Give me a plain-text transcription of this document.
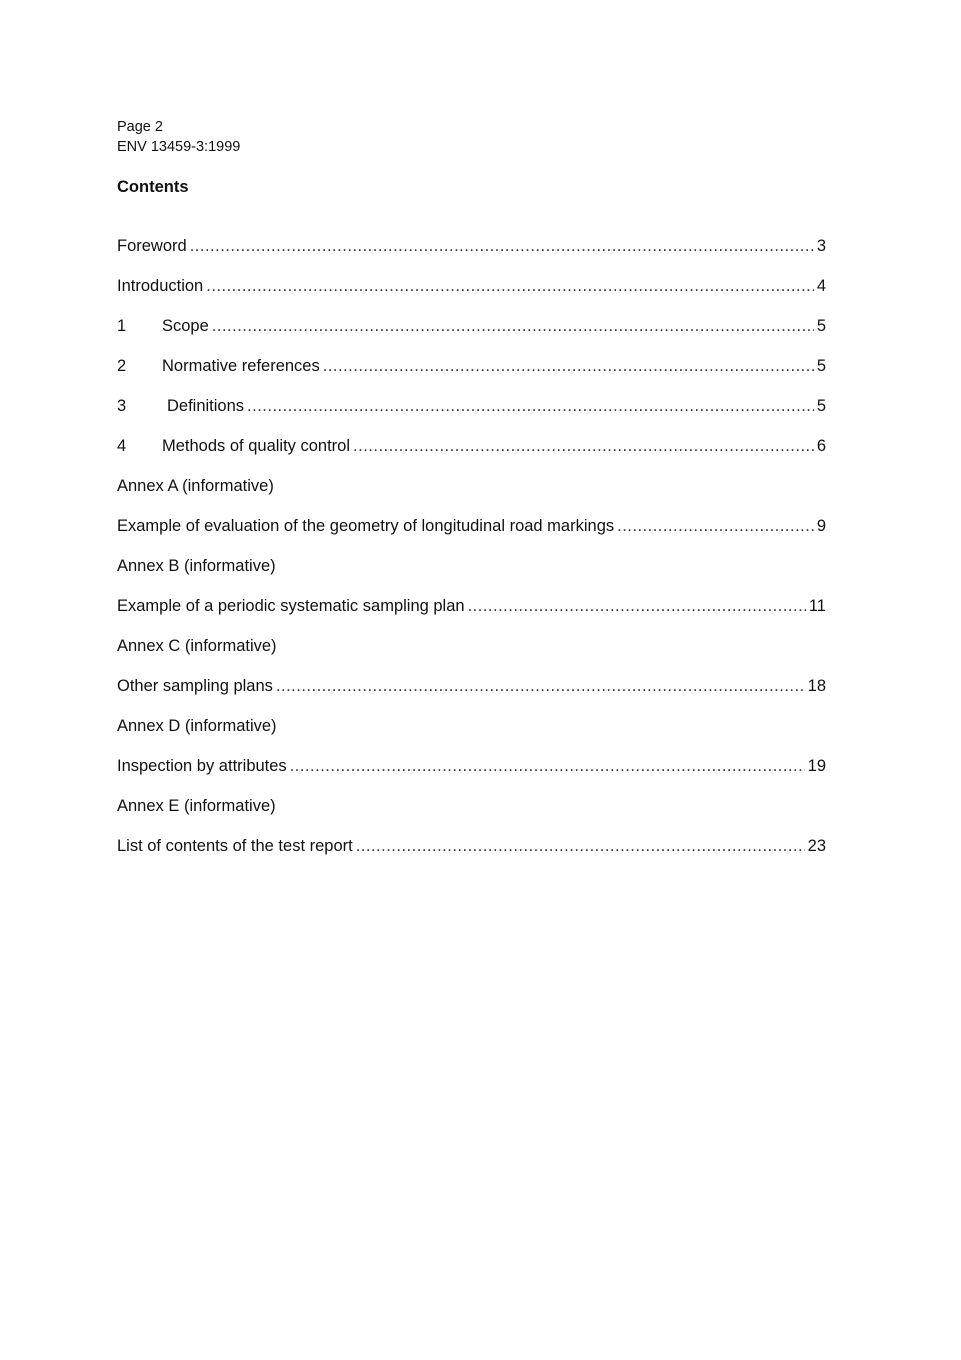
Page 2
ENV 13459-3:1999
Contents
Foreword .....	3
Introduction .....	4
1	Scope .....	5
2	Normative references .....	5
3	Definitions .....	5
4	Methods of quality control .....	6
Annex A (informative)
Example of evaluation of the geometry of longitudinal road markings .....	9
Annex B (informative)
Example of a periodic systematic sampling plan .....	11
Annex C (informative)
Other sampling plans .....	18
Annex D (informative)
Inspection by attributes .....	19
Annex E (informative)
List of contents of the test report .....	23
